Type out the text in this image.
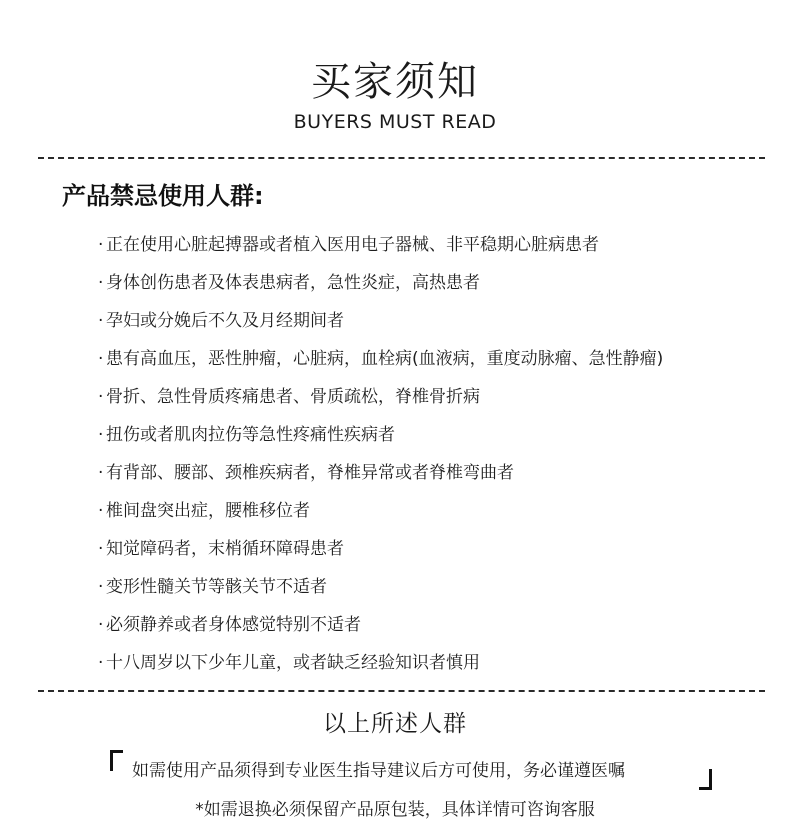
买家须知
BUYERS MUST READ
产品禁忌使用人群:
· 正在使用心脏起搏器或者植入医用电子器械、非平稳期心脏病患者
· 身体创伤患者及体表患病者，急性炎症，高热患者
· 孕妇或分娩后不久及月经期间者
· 患有高血压，恶性肿瘤，心脏病，血栓病(血液病，重度动脉瘤、急性静瘤)
· 骨折、急性骨质疼痛患者、骨质疏松，脊椎骨折病
· 扭伤或者肌肉拉伤等急性疼痛性疾病者
· 有背部、腰部、颈椎疾病者，脊椎异常或者脊椎弯曲者
· 椎间盘突出症，腰椎移位者
· 知觉障码者，末梢循环障碍患者
· 变形性髓关节等骸关节不适者
· 必须静养或者身体感觉特别不适者
· 十八周岁以下少年儿童，或者缺乏经验知识者慎用
以上所述人群
如需使用产品须得到专业医生指导建议后方可使用，务必谨遵医嘱
*如需退换必须保留产品原包装，具体详情可咨询客服
